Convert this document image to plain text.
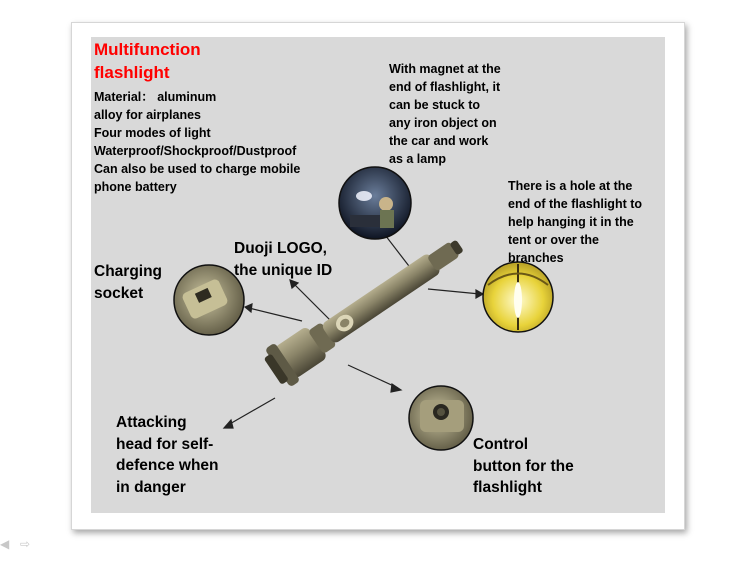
Multifunction
flashlight
Material： aluminum
alloy for airplanes
Four modes of light
Waterproof/Shockproof/Dustproof
Can also be used to charge mobile
phone battery
With magnet at the
end of flashlight, it
can be stuck to
any iron object on
the car and work
as a lamp
There is a hole at the
end of the flashlight to
help hanging it in the
tent or over the
branches
Duoji LOGO,
the unique ID
Charging
socket
Attacking
head for self-
defence when
in danger
Control
button for the
flashlight
◀ ⇨
